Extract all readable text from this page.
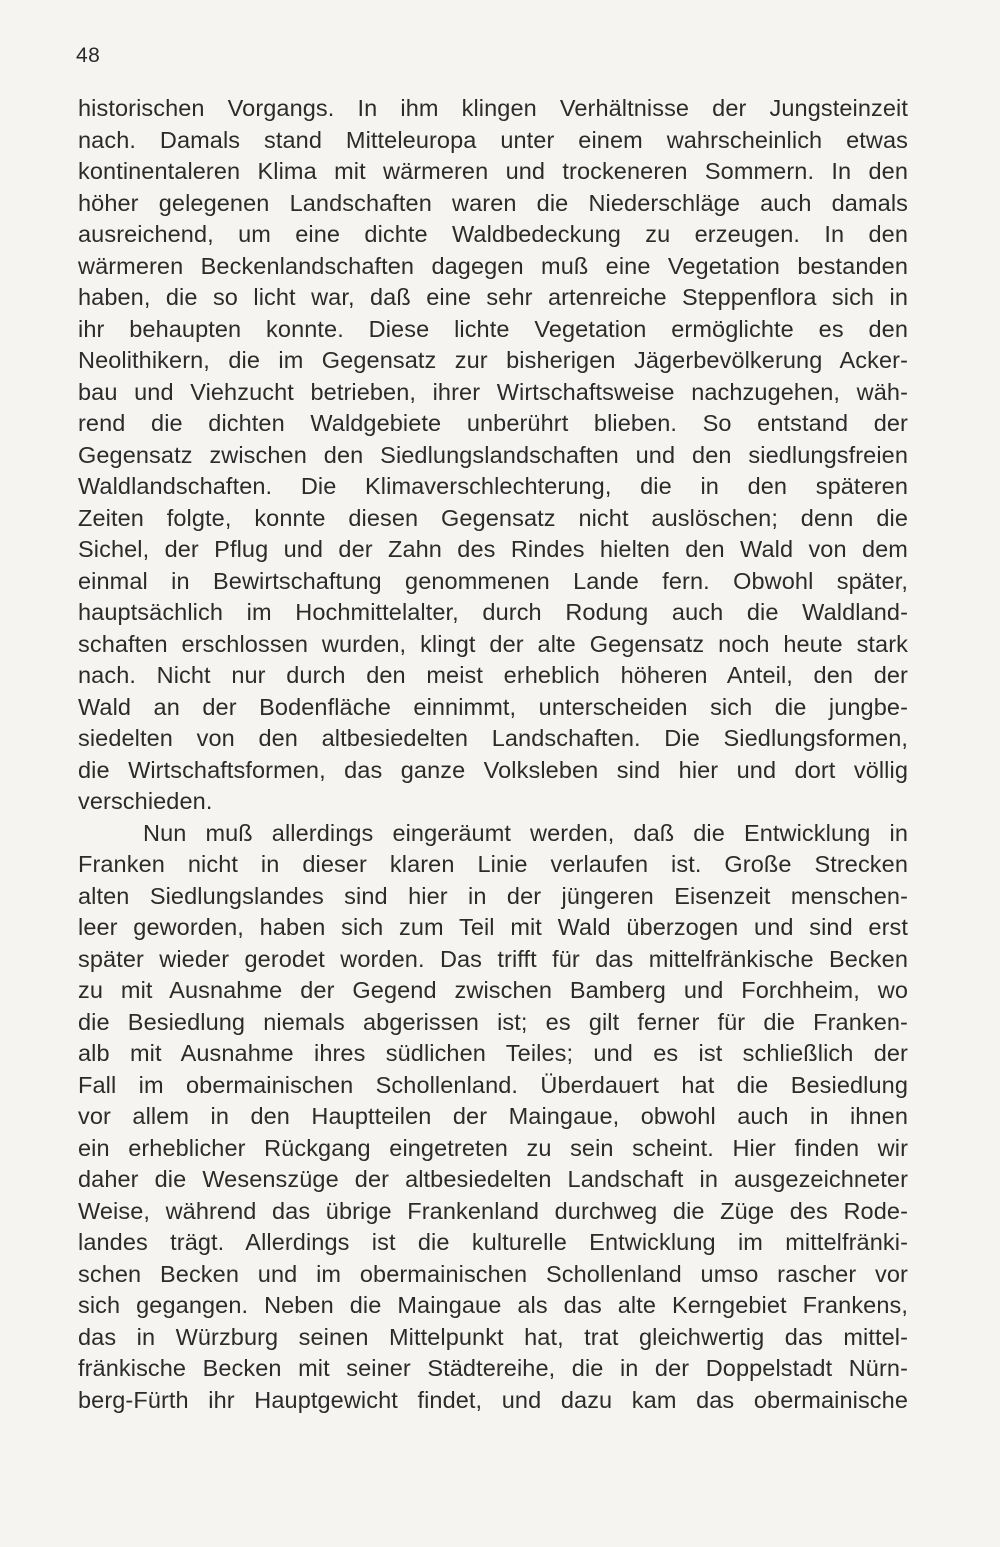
48
historischen Vorgangs. In ihm klingen Verhältnisse der Jungsteinzeit
nach. Damals stand Mitteleuropa unter einem wahrscheinlich etwas
kontinentaleren Klima mit wärmeren und trockeneren Sommern. In den
höher gelegenen Landschaften waren die Niederschläge auch damals
ausreichend, um eine dichte Waldbedeckung zu erzeugen. In den
wärmeren Beckenlandschaften dagegen muß eine Vegetation bestanden
haben, die so licht war, daß eine sehr artenreiche Steppenflora sich in
ihr behaupten konnte. Diese lichte Vegetation ermöglichte es den
Neolithikern, die im Gegensatz zur bisherigen Jägerbevölkerung Acker-
bau und Viehzucht betrieben, ihrer Wirtschaftsweise nachzugehen, wäh-
rend die dichten Waldgebiete unberührt blieben. So entstand der
Gegensatz zwischen den Siedlungslandschaften und den siedlungsfreien
Waldlandschaften. Die Klimaverschlechterung, die in den späteren
Zeiten folgte, konnte diesen Gegensatz nicht auslöschen; denn die
Sichel, der Pflug und der Zahn des Rindes hielten den Wald von dem
einmal in Bewirtschaftung genommenen Lande fern. Obwohl später,
hauptsächlich im Hochmittelalter, durch Rodung auch die Waldland-
schaften erschlossen wurden, klingt der alte Gegensatz noch heute stark
nach. Nicht nur durch den meist erheblich höheren Anteil, den der
Wald an der Bodenfläche einnimmt, unterscheiden sich die jungbe-
siedelten von den altbesiedelten Landschaften. Die Siedlungsformen,
die Wirtschaftsformen, das ganze Volksleben sind hier und dort völlig
verschieden.
Nun muß allerdings eingeräumt werden, daß die Entwicklung in
Franken nicht in dieser klaren Linie verlaufen ist. Große Strecken
alten Siedlungslandes sind hier in der jüngeren Eisenzeit menschen-
leer geworden, haben sich zum Teil mit Wald überzogen und sind erst
später wieder gerodet worden. Das trifft für das mittelfränkische Becken
zu mit Ausnahme der Gegend zwischen Bamberg und Forchheim, wo
die Besiedlung niemals abgerissen ist; es gilt ferner für die Franken-
alb mit Ausnahme ihres südlichen Teiles; und es ist schließlich der
Fall im obermainischen Schollenland. Überdauert hat die Besiedlung
vor allem in den Hauptteilen der Maingaue, obwohl auch in ihnen
ein erheblicher Rückgang eingetreten zu sein scheint. Hier finden wir
daher die Wesenszüge der altbesiedelten Landschaft in ausgezeichneter
Weise, während das übrige Frankenland durchweg die Züge des Rode-
landes trägt. Allerdings ist die kulturelle Entwicklung im mittelfränki-
schen Becken und im obermainischen Schollenland umso rascher vor
sich gegangen. Neben die Maingaue als das alte Kerngebiet Frankens,
das in Würzburg seinen Mittelpunkt hat, trat gleichwertig das mittel-
fränkische Becken mit seiner Städtereihe, die in der Doppelstadt Nürn-
berg-Fürth ihr Hauptgewicht findet, und dazu kam das obermainische
